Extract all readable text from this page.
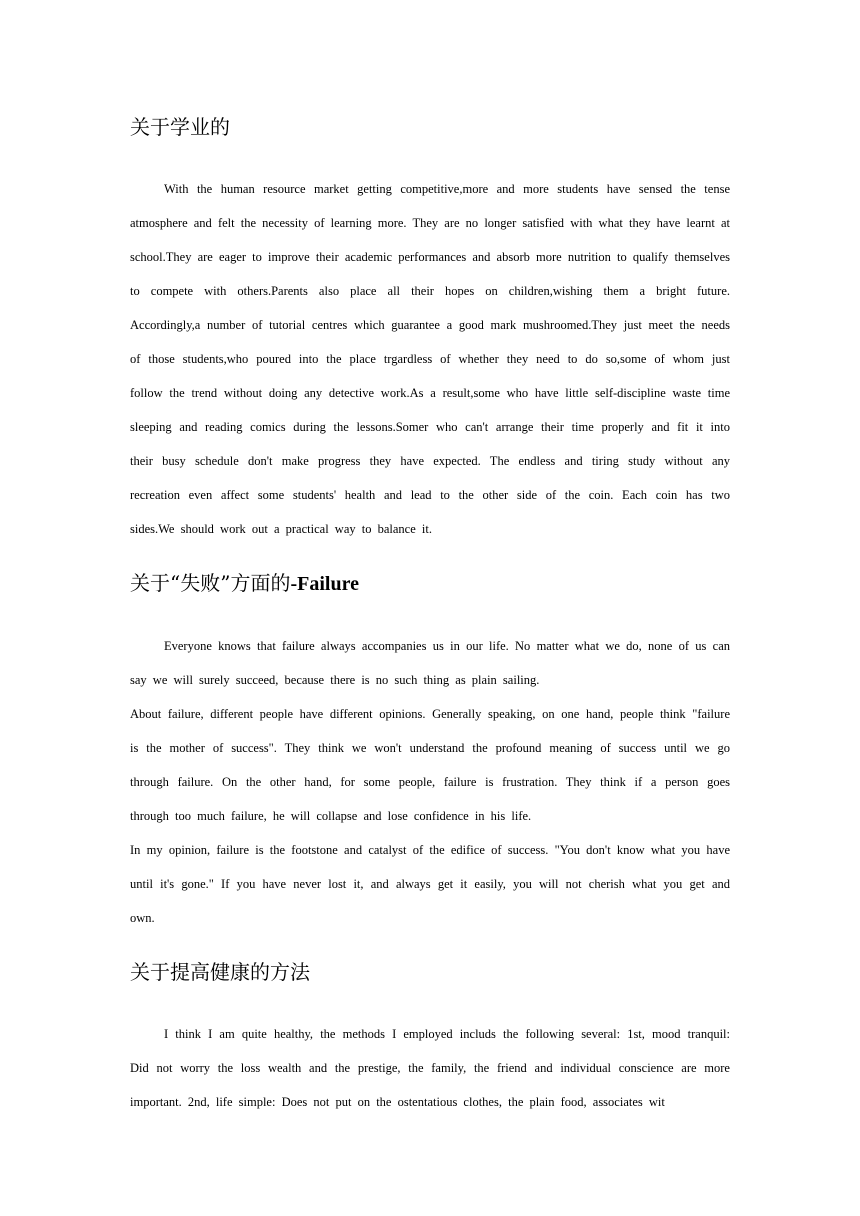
关于学业的

With the human resource market getting competitive,more and more students have sensed the tense atmosphere and felt the necessity of learning more. They are no longer satisfied with what they have learnt at school.They are eager to improve their academic performances and absorb more nutrition to qualify themselves to compete with others.Parents also place all their hopes on children,wishing them a bright future. Accordingly,a number of tutorial centres which guarantee a good mark mushroomed.They just meet the needs of those students,who poured into the place trgardless of whether they need to do so,some of whom just follow the trend without doing any detective work.As a result,some who have little self-discipline waste time sleeping and reading comics during the lessons.Somer who can't arrange their time properly and fit it into their busy schedule don't make progress they have expected. The endless and tiring study without any recreation even affect some students' health and lead to the other side of the coin. Each coin has two sides.We should work out a practical way to balance it.

关于“失败”方面的-Failure

Everyone knows that failure always accompanies us in our life. No matter what we do, none of us can say we will surely succeed, because there is no such thing as plain sailing.

About failure, different people have different opinions. Generally speaking, on one hand, people think "failure is the mother of success". They think we won't understand the profound meaning of success until we go through failure. On the other hand, for some people, failure is frustration. They think if a person goes through too much failure, he will collapse and lose confidence in his life.

In my opinion, failure is the footstone and catalyst of the edifice of success. "You don't know what you have until it's gone." If you have never lost it, and always get it easily, you will not cherish what you get and own.

关于提高健康的方法

I think I am quite healthy, the methods I employed includs the following several: 1st, mood tranquil: Did not worry the loss wealth and the prestige, the family, the friend and individual conscience are more important. 2nd, life simple: Does not put on the ostentatious clothes, the plain food, associates wit
